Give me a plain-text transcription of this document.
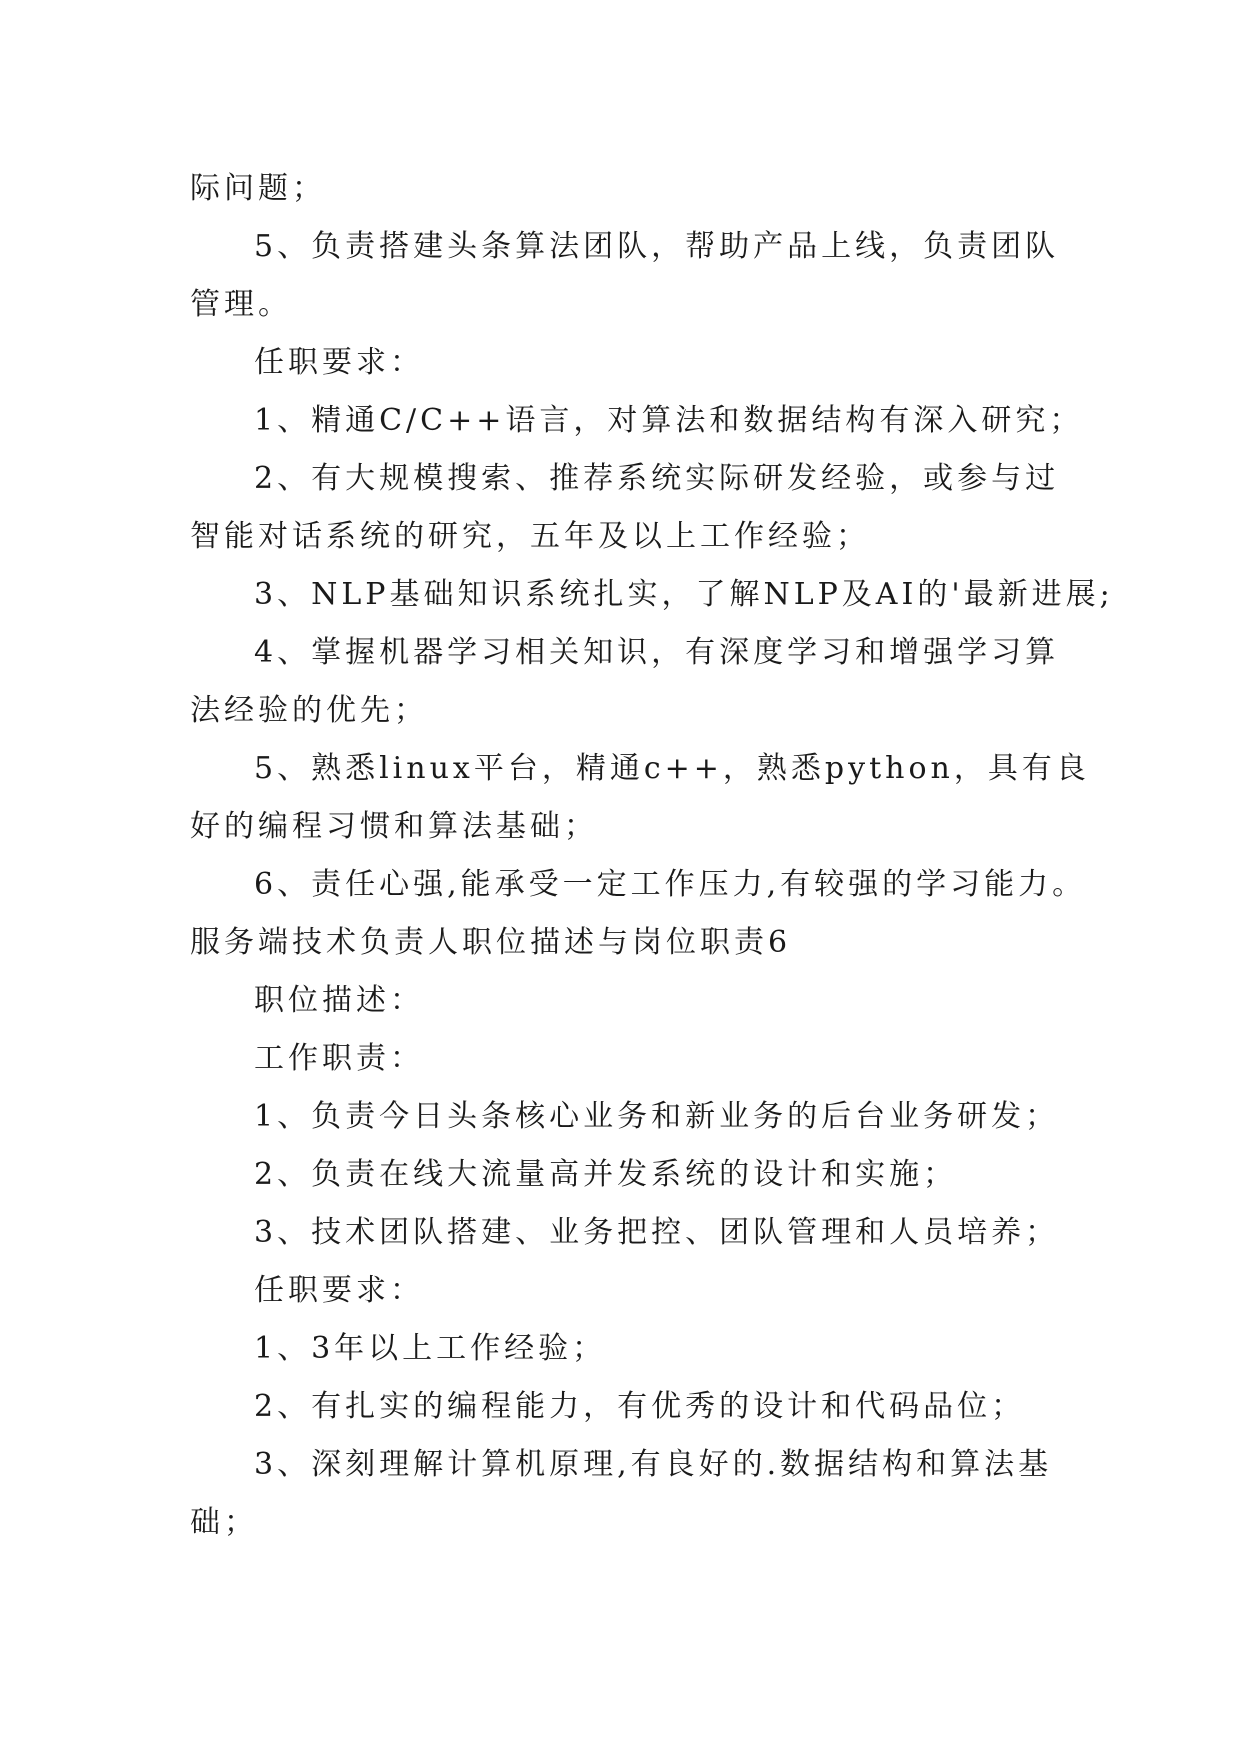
际问题；
5、负责搭建头条算法团队，帮助产品上线，负责团队
管理。
任职要求：
1、精通C/C++语言，对算法和数据结构有深入研究；
2、有大规模搜索、推荐系统实际研发经验，或参与过
智能对话系统的研究，五年及以上工作经验；
3、NLP基础知识系统扎实，了解NLP及AI的'最新进展;
4、掌握机器学习相关知识，有深度学习和增强学习算
法经验的优先；
5、熟悉linux平台，精通c++，熟悉python，具有良
好的编程习惯和算法基础；
6、责任心强,能承受一定工作压力,有较强的学习能力。
服务端技术负责人职位描述与岗位职责6
职位描述：
工作职责：
1、负责今日头条核心业务和新业务的后台业务研发；
2、负责在线大流量高并发系统的设计和实施；
3、技术团队搭建、业务把控、团队管理和人员培养；
任职要求：
1、3年以上工作经验；
2、有扎实的编程能力，有优秀的设计和代码品位；
3、深刻理解计算机原理,有良好的.数据结构和算法基
础；
